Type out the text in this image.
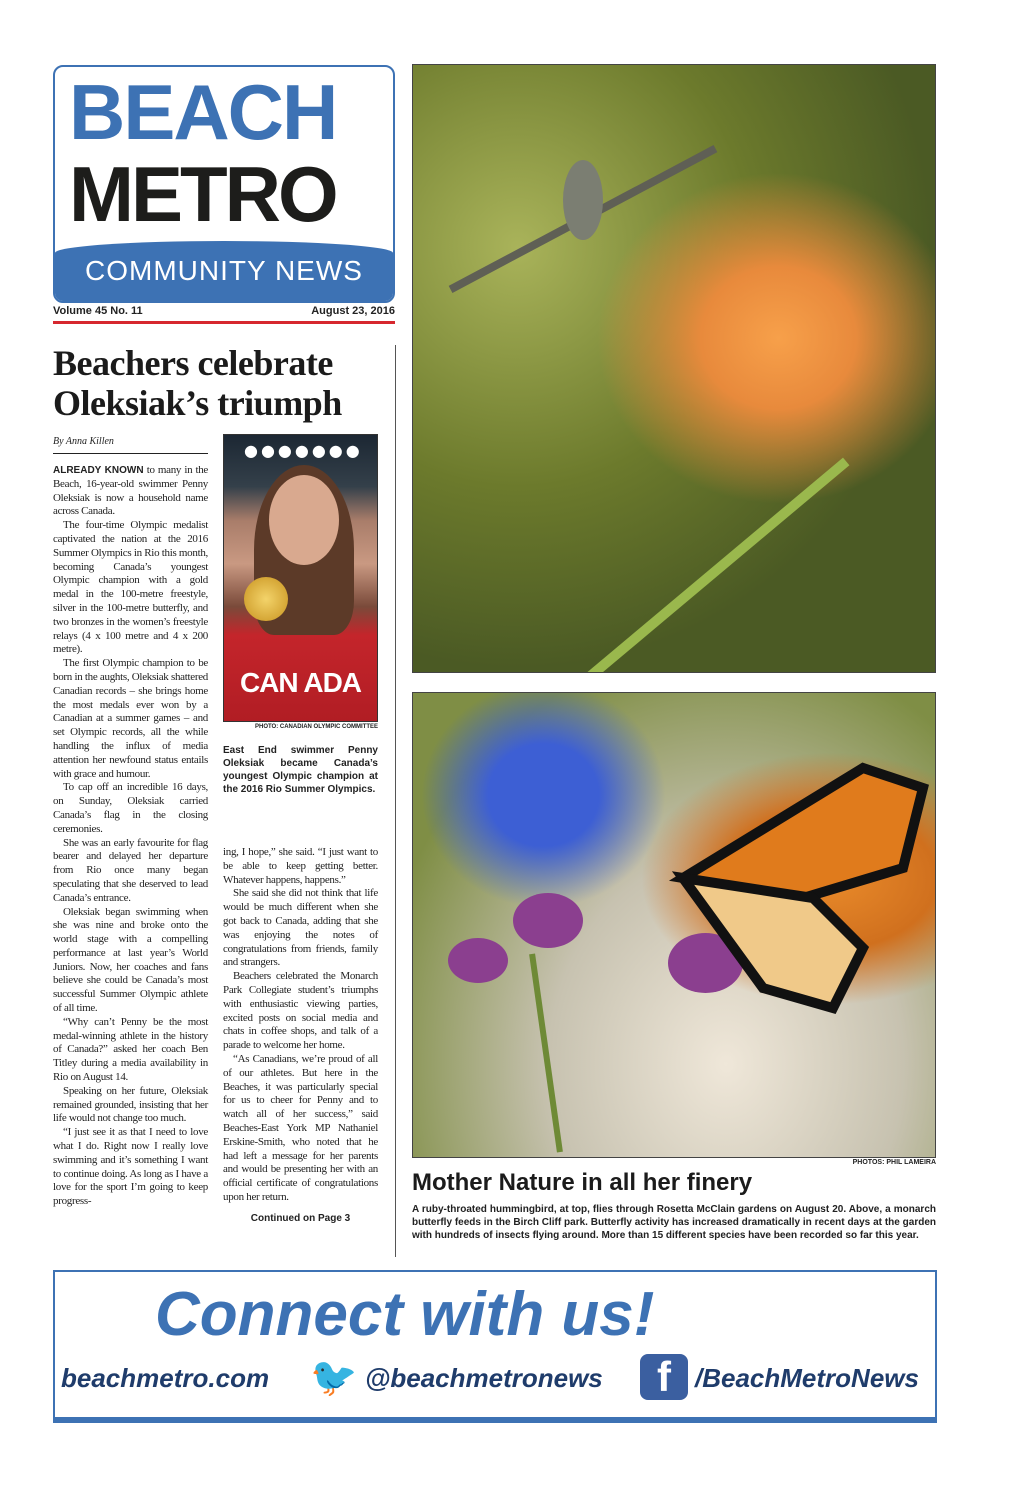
BEACH
METRO
COMMUNITY NEWS
Volume 45 No. 11	August 23, 2016
Beachers celebrate Oleksiak’s triumph
By Anna Killen

ALREADY KNOWN to many in the Beach, 16-year-old swimmer Penny Oleksiak is now a household name across Canada.

The four-time Olympic medalist captivated the nation at the 2016 Summer Olympics in Rio this month, becoming Canada’s youngest Olympic champion with a gold medal in the 100-metre freestyle, silver in the 100-metre butterfly, and two bronzes in the women’s freestyle relays (4 x 100 metre and 4 x 200 metre).

The first Olympic champion to be born in the aughts, Oleksiak shattered Canadian records – she brings home the most medals ever won by a Canadian at a summer games – and set Olympic records, all the while handling the influx of media attention her newfound status entails with grace and humour.

To cap off an incredible 16 days, on Sunday, Oleksiak carried Canada’s flag in the closing ceremonies.

She was an early favourite for flag bearer and delayed her departure from Rio once many began speculating that she deserved to lead Canada’s entrance.

Oleksiak began swimming when she was nine and broke onto the world stage with a compelling performance at last year’s World Juniors. Now, her coaches and fans believe she could be Canada’s most successful Summer Olympic athlete of all time.

“Why can’t Penny be the most medal-winning athlete in the history of Canada?” asked her coach Ben Titley during a media availability in Rio on August 14.

Speaking on her future, Oleksiak remained grounded, insisting that her life would not change too much.

“I just see it as that I need to love what I do. Right now I really love swimming and it’s something I want to continue doing. As long as I have a love for the sport I’m going to keep progress-

●●●●●●●
CAN ADA
PHOTO: CANADIAN OLYMPIC COMMITTEE
East End swimmer Penny Oleksiak became Canada’s youngest Olympic champion at the 2016 Rio Summer Olympics.

ing, I hope,” she said. “I just want to be able to keep getting better. Whatever happens, happens.”

She said she did not think that life would be much different when she got back to Canada, adding that she was enjoying the notes of congratulations from friends, family and strangers.

Beachers celebrated the Monarch Park Collegiate student’s triumphs with enthusiastic viewing parties, excited posts on social media and chats in coffee shops, and talk of a parade to welcome her home.

“As Canadians, we’re proud of all of our athletes. But here in the Beaches, it was particularly special for us to cheer for Penny and to watch all of her success,” said Beaches-East York MP Nathaniel Erskine-Smith, who noted that he had left a message for her parents and would be presenting her with an official certificate of congratulations upon her return.

Continued on Page 3
PHOTOS: PHIL LAMEIRA
Mother Nature in all her finery
A ruby-throated hummingbird, at top, flies through Rosetta McClain gardens on August 20. Above, a monarch butterfly feeds in the Birch Cliff park. Butterfly activity has increased dramatically in recent days at the garden with hundreds of insects flying around. More than 15 different species have been recorded so far this year.
Connect with us!
beachmetro.com 🐦 @beachmetronews	f /BeachMetroNews
